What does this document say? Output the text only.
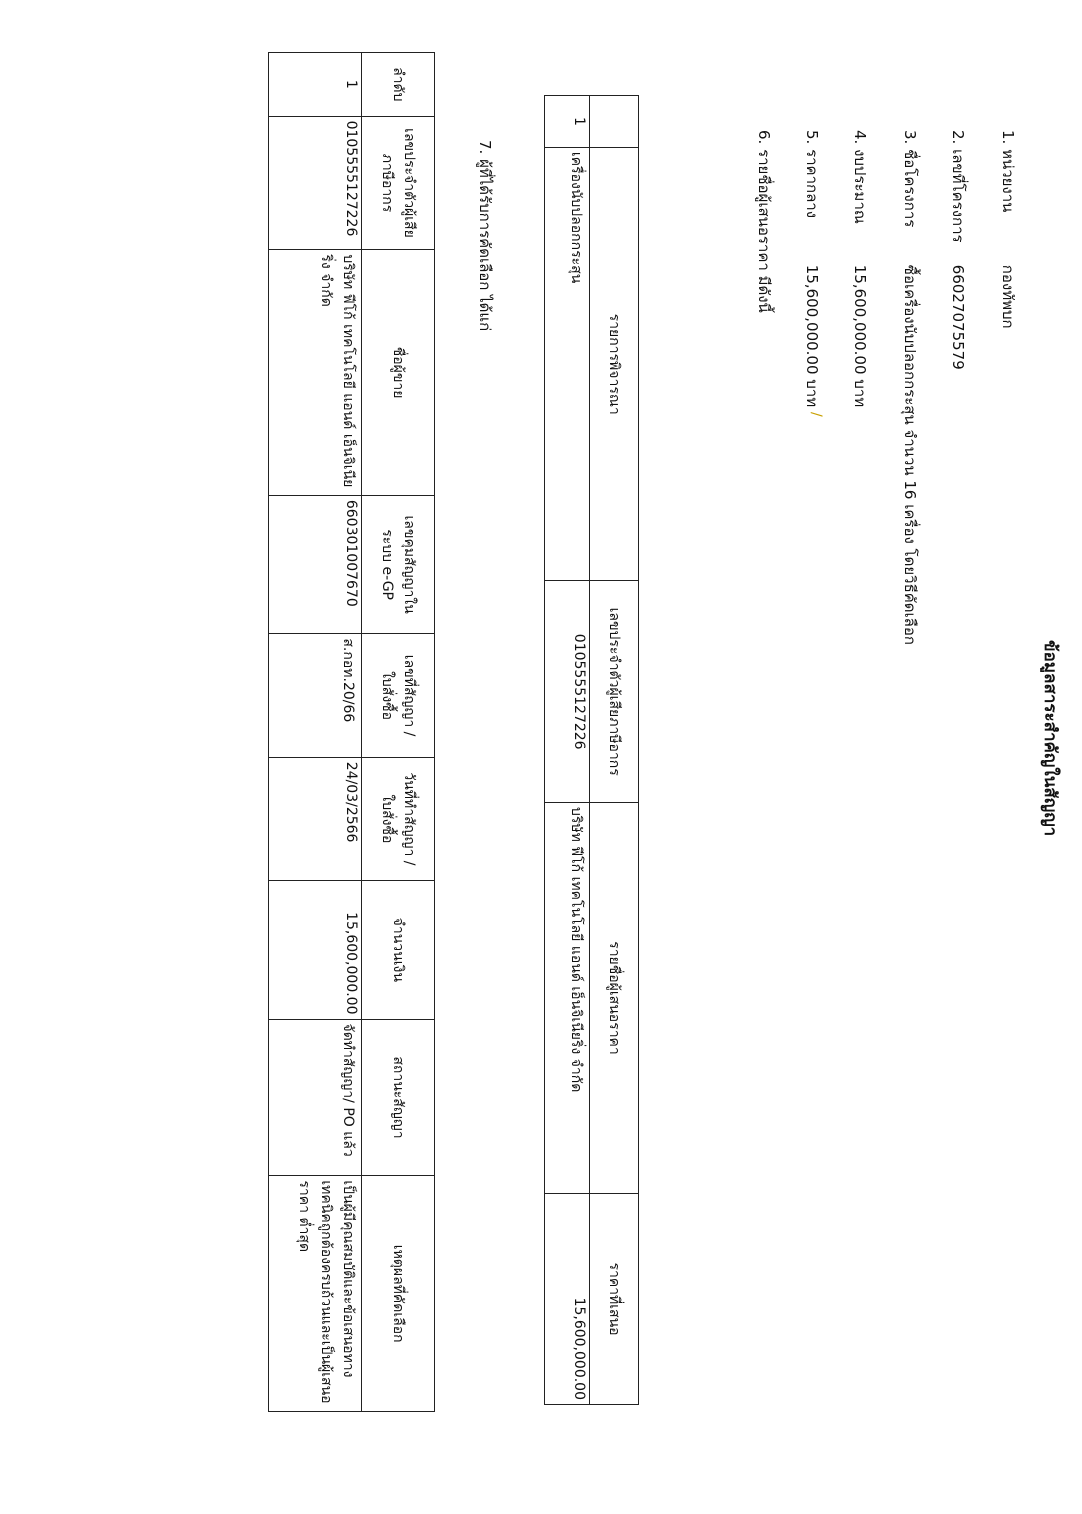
ข้อมูลสาระสำคัญในสัญญา
1. หน่วยงาน กองทัพบก
2. เลขที่โครงการ 66027075579
3. ชื่อโครงการ ซื้อเครื่องนับปลอกกระสุน จำนวน 16 เครื่อง โดยวิธีคัดเลือก
4. งบประมาณ 15,600,000.00 บาท
5. ราคากลาง 15,600,000.00 บาท
/
6. รายชื่อผู้เสนอราคา มีดังนี้
	รายการพิจารณา	เลขประจำตัวผู้เสียภาษีอากร	รายชื่อผู้เสนอราคา	ราคาที่เสนอ
1	เครื่องนับปลอกกระสุน	0105555127226	บริษัท ฟีโก้ เทคโนโลยี แอนด์ เอ็นจิเนียริ่ง จำกัด	15,600,000.00
7. ผู้ที่ได้รับการคัดเลือก ได้แก่
ลำดับ	เลขประจำตัวผู้เสียภาษีอากร	ชื่อผู้ขาย	เลขคุมสัญญาในระบบ e-GP	เลขที่สัญญา / ใบสั่งซื้อ	วันที่ทำสัญญา / ใบสั่งซื้อ	จำนวนเงิน	สถานะสัญญา	เหตุผลที่คัดเลือก
1	0105555127226	บริษัท ฟีโก้ เทคโนโลยี แอนด์ เอ็นจิเนียริ่ง จำกัด	660301007670	ส.กอท.20/66	24/03/2566	15,600,000.00	จัดทำสัญญา/ PO แล้ว	เป็นผู้มีคุณสมบัติและข้อเสนอทางเทคนิคถูกต้องครบถ้วนและเป็นผู้เสนอราคา ต่ำสุด
